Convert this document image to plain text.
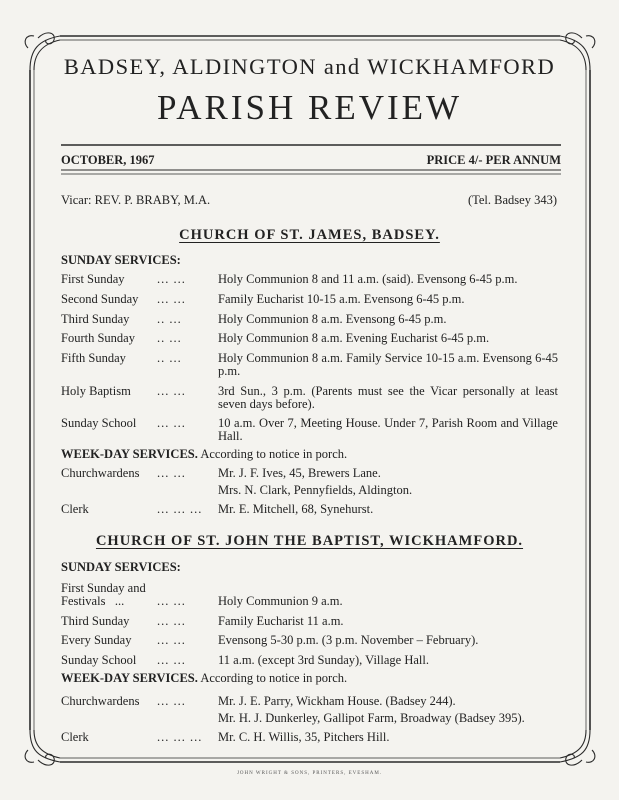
BADSEY, ALDINGTON and WICKHAMFORD
PARISH REVIEW
OCTOBER, 1967	PRICE 4/- PER ANNUM
Vicar: REV. P. BRABY, M.A.	(Tel. Badsey 343)
CHURCH OF ST. JAMES, BADSEY.
SUNDAY SERVICES:
First Sunday	... ...	Holy Communion 8 and 11 a.m. (said). Evensong 6-45 p.m.
Second Sunday ... ...	Family Eucharist 10-15 a.m. Evensong 6-45 p.m.
Third Sunday .. ...	Holy Communion 8 a.m. Evensong 6-45 p.m.
Fourth Sunday .. ...	Holy Communion 8 a.m. Evening Eucharist 6-45 p.m.
Fifth Sunday .. ...	Holy Communion 8 a.m. Family Service 10-15 a.m. Evensong 6-45 p.m.
Holy Baptism ... ...	3rd Sun., 3 p.m. (Parents must see the Vicar personally at least seven days before).
Sunday School ... ...	10 a.m. Over 7, Meeting House. Under 7, Parish Room and Village Hall.
WEEK-DAY SERVICES. According to notice in porch.
Churchwardens ... ...	Mr. J. F. Ives, 45, Brewers Lane.
Mrs. N. Clark, Pennyfields, Aldington.
Clerk	... ... ... Mr. E. Mitchell, 68, Synehurst.
CHURCH OF ST. JOHN THE BAPTIST, WICKHAMFORD.
SUNDAY SERVICES:
First Sunday and
Festivals   ...	... ...	Holy Communion 9 a.m.
Third Sunday ... ...	Family Eucharist 11 a.m.
Every Sunday ... ...	Evensong 5-30 p.m. (3 p.m. November – February).
Sunday School ... ...	11 a.m. (except 3rd Sunday), Village Hall.
WEEK-DAY SERVICES. According to notice in porch.
Churchwardens ... ...	Mr. J. E. Parry, Wickham House. (Badsey 244).
Mr. H. J. Dunkerley, Gallipot Farm, Broadway (Badsey 395).
Clerk	... ... ... Mr. C. H. Willis, 35, Pitchers Hill.
JOHN WRIGHT & SONS, PRINTERS, EVESHAM.
